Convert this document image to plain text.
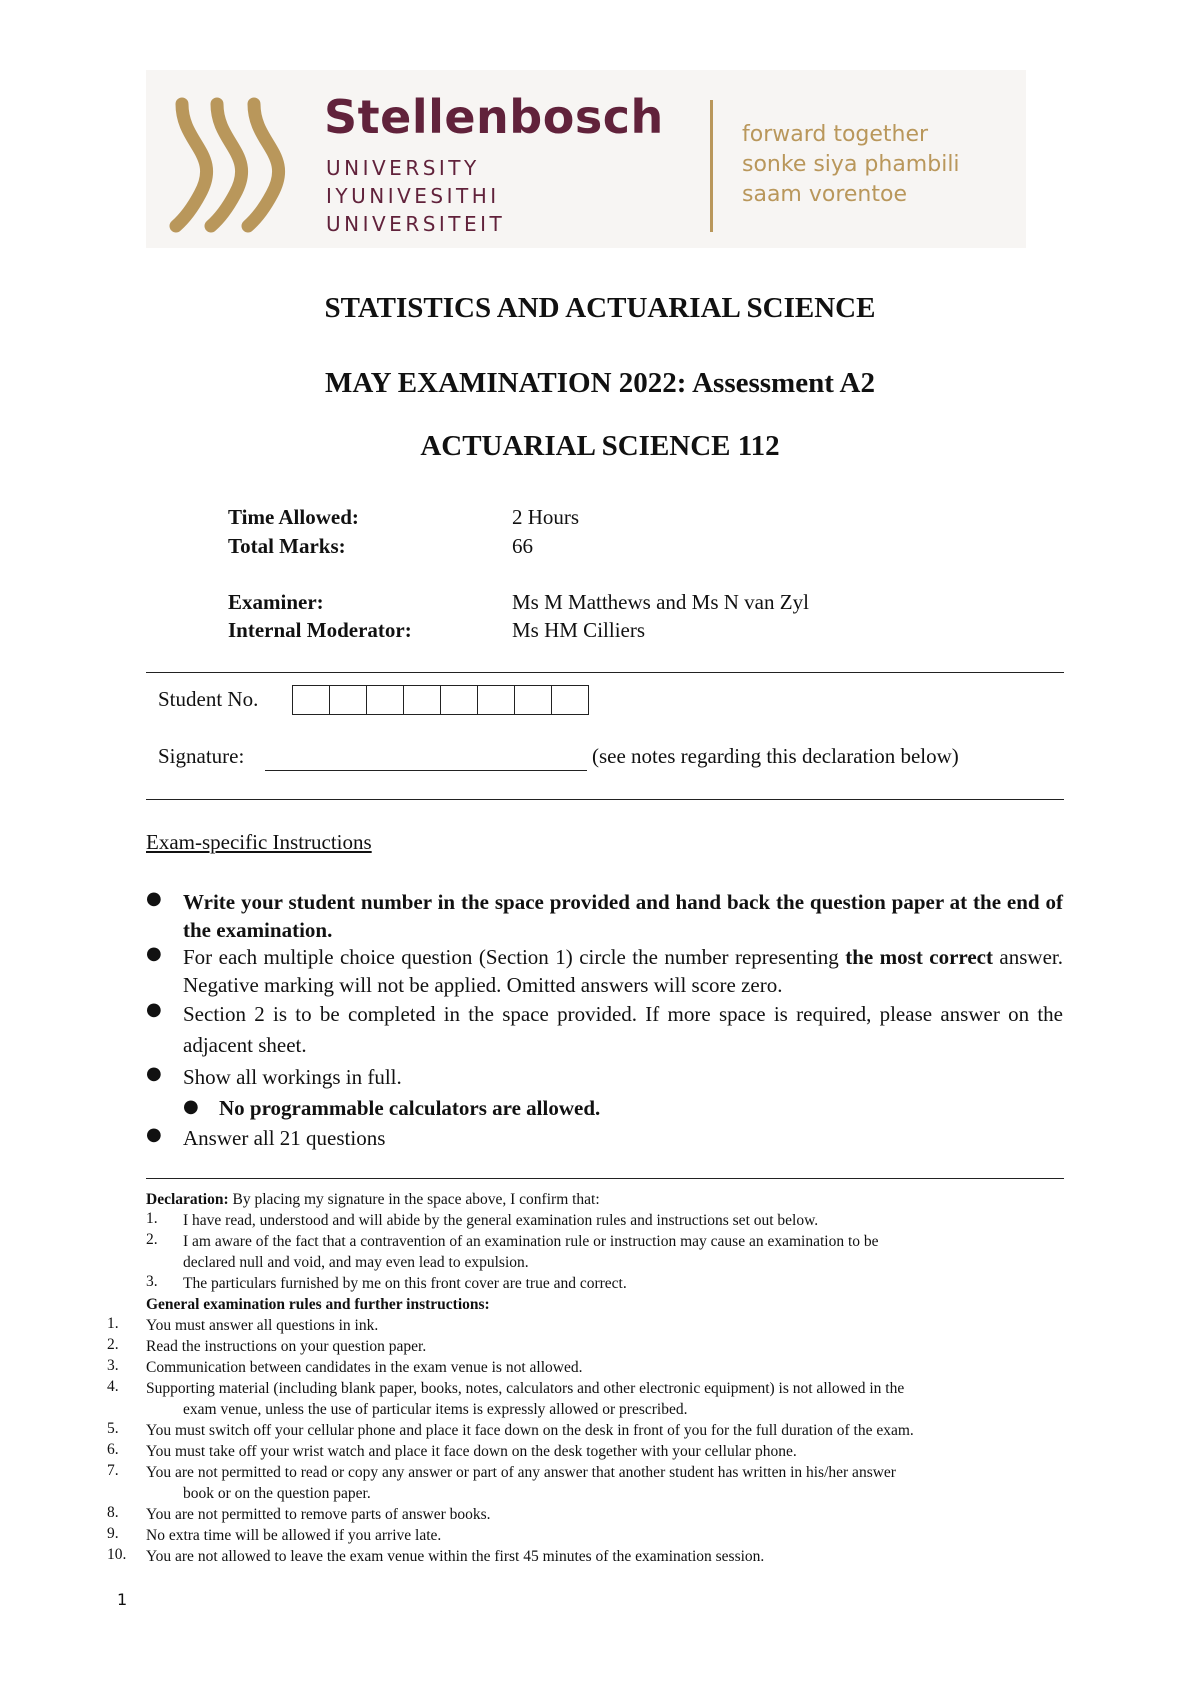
Stellenbosch
UNIVERSITY
IYUNIVESITHI
UNIVERSITEIT
forward together
sonke siya phambili
saam vorentoe
STATISTICS AND ACTUARIAL SCIENCE
MAY EXAMINATION 2022: Assessment A2
ACTUARIAL SCIENCE 112
Time Allowed:	2 Hours
Total Marks:	66
Examiner:	Ms M Matthews and Ms N van Zyl
Internal Moderator:	Ms HM Cilliers
Student No.
Signature:	(see notes regarding this declaration below)
Exam-specific Instructions
● Write your student number in the space provided and hand back the question paper at the end of the examination.
● For each multiple choice question (Section 1) circle the number representing the most correct answer. Negative marking will not be applied. Omitted answers will score zero.
● Section 2 is to be completed in the space provided. If more space is required, please answer on the adjacent sheet.
● Show all workings in full.
● No programmable calculators are allowed.
● Answer all 21 questions
Declaration: By placing my signature in the space above, I confirm that:
1. I have read, understood and will abide by the general examination rules and instructions set out below.
2. I am aware of the fact that a contravention of an examination rule or instruction may cause an examination to be
declared null and void, and may even lead to expulsion.
3. The particulars furnished by me on this front cover are true and correct.
General examination rules and further instructions:
1. You must answer all questions in ink.
2. Read the instructions on your question paper.
3. Communication between candidates in the exam venue is not allowed.
4. Supporting material (including blank paper, books, notes, calculators and other electronic equipment) is not allowed in the
exam venue, unless the use of particular items is expressly allowed or prescribed.
5. You must switch off your cellular phone and place it face down on the desk in front of you for the full duration of the exam.
6. You must take off your wrist watch and place it face down on the desk together with your cellular phone.
7. You are not permitted to read or copy any answer or part of any answer that another student has written in his/her answer
book or on the question paper.
8. You are not permitted to remove parts of answer books.
9. No extra time will be allowed if you arrive late.
10. You are not allowed to leave the exam venue within the first 45 minutes of the examination session.
1
